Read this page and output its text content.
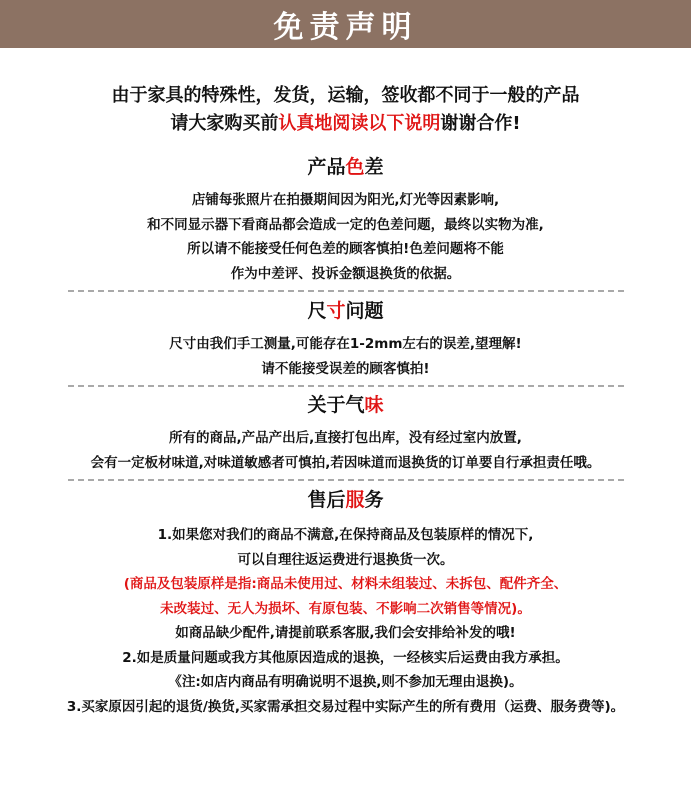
免责声明
由于家具的特殊性，发货，运输，签收都不同于一般的产品
请大家购买前认真地阅读以下说明谢谢合作!
产品色差
店铺每张照片在拍摄期间因为阳光,灯光等因素影响,
和不同显示器下看商品都会造成一定的色差问题，最终以实物为准,
所以请不能接受任何色差的顾客慎拍!色差问题将不能
作为中差评、投诉金额退换货的依据。
尺寸问题
尺寸由我们手工测量,可能存在1-2mm左右的误差,望理解!
请不能接受误差的顾客慎拍!
关于气味
所有的商品,产品产出后,直接打包出库，没有经过室内放置,
会有一定板材味道,对味道敏感者可慎拍,若因味道而退换货的订单要自行承担责任哦。
售后服务
1.如果您对我们的商品不满意,在保持商品及包装原样的情况下,
可以自理往返运费进行退换货一次。
(商品及包装原样是指:商品未使用过、材料未组装过、未拆包、配件齐全、
未改装过、无人为损坏、有原包装、不影响二次销售等情况)。
如商品缺少配件,请提前联系客服,我们会安排给补发的哦!
2.如是质量问题或我方其他原因造成的退换，一经核实后运费由我方承担。
《注:如店内商品有明确说明不退换,则不参加无理由退换)。
3.买家原因引起的退货/换货,买家需承担交易过程中实际产生的所有费用（运费、服务费等)。
